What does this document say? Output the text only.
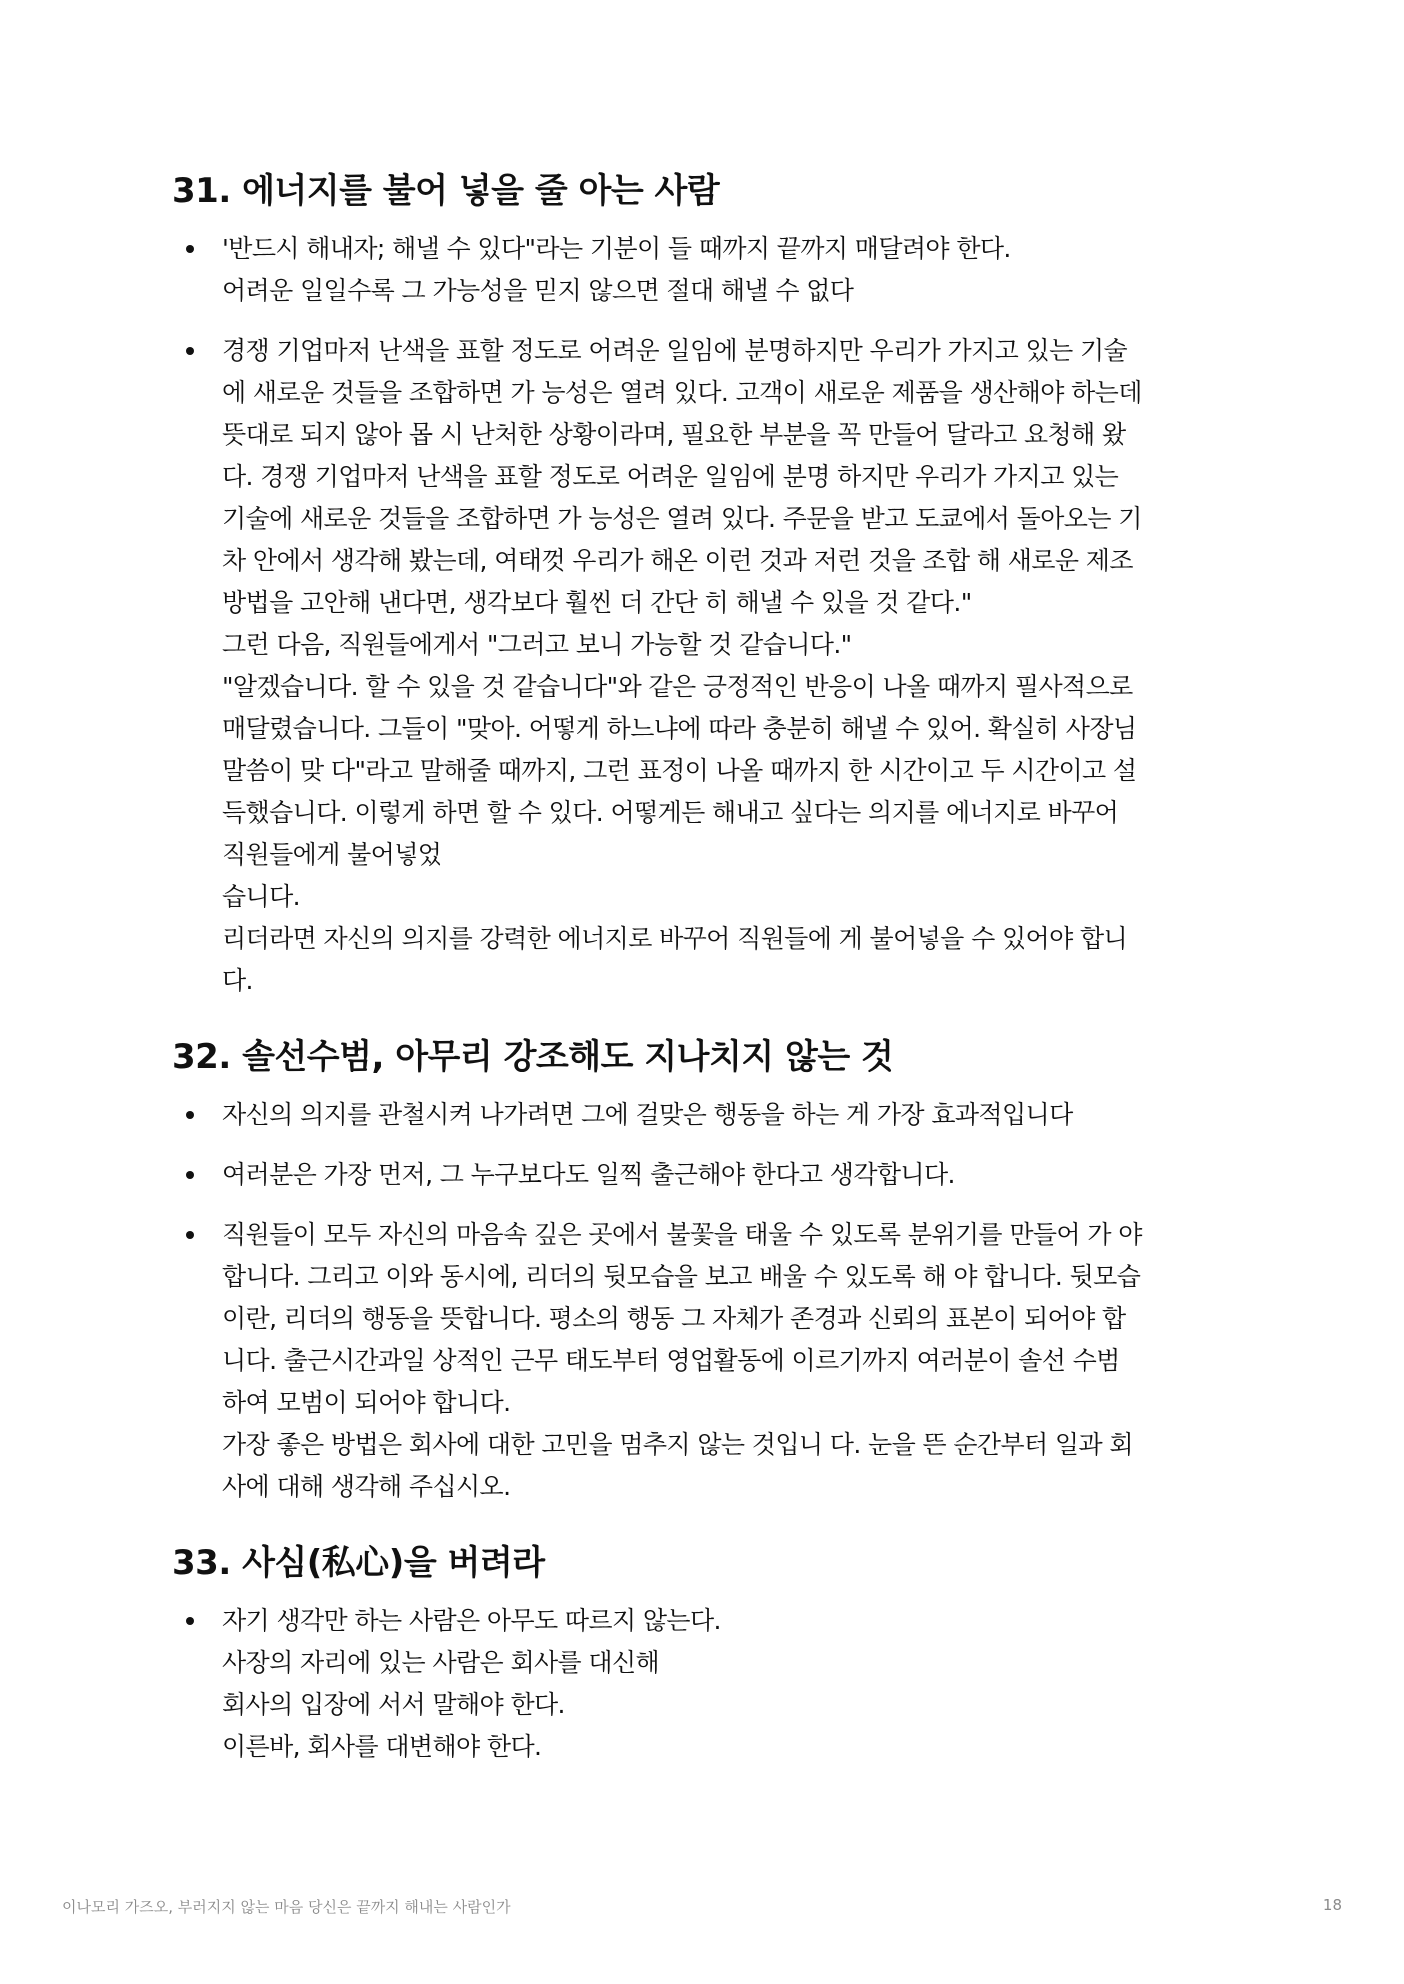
31. 에너지를 불어 넣을 줄 아는 사람
'반드시 해내자; 해낼 수 있다"라는 기분이 들 때까지 끝까지 매달려야 한다.
어려운 일일수록 그 가능성을 믿지 않으면 절대 해낼 수 없다
경쟁 기업마저 난색을 표할 정도로 어려운 일임에 분명하지만 우리가 가지고 있는 기술
에 새로운 것들을 조합하면 가 능성은 열려 있다. 고객이 새로운 제품을 생산해야 하는데
뜻대로 되지 않아 몹 시 난처한 상황이라며, 필요한 부분을 꼭 만들어 달라고 요청해 왔
다. 경쟁 기업마저 난색을 표할 정도로 어려운 일임에 분명 하지만 우리가 가지고 있는
기술에 새로운 것들을 조합하면 가 능성은 열려 있다. 주문을 받고 도쿄에서 돌아오는 기
차 안에서 생각해 봤는데, 여태껏 우리가 해온 이런 것과 저런 것을 조합 해 새로운 제조
방법을 고안해 낸다면, 생각보다 훨씬 더 간단 히 해낼 수 있을 것 같다."
그런 다음, 직원들에게서 "그러고 보니 가능할 것 같습니다."
"알겠습니다. 할 수 있을 것 같습니다"와 같은 긍정적인 반응이 나올 때까지 필사적으로
매달렸습니다. 그들이 "맞아. 어떻게 하느냐에 따라 충분히 해낼 수 있어. 확실히 사장님
말씀이 맞 다"라고 말해줄 때까지, 그런 표정이 나올 때까지 한 시간이고 두 시간이고 설
득했습니다. 이렇게 하면 할 수 있다. 어떻게든 해내고 싶다는 의지를 에너지로 바꾸어
직원들에게 불어넣었
습니다.
리더라면 자신의 의지를 강력한 에너지로 바꾸어 직원들에 게 불어넣을 수 있어야 합니
다.
32. 솔선수범, 아무리 강조해도 지나치지 않는 것
자신의 의지를 관철시켜 나가려면 그에 걸맞은 행동을 하는 게 가장 효과적입니다
여러분은 가장 먼저, 그 누구보다도 일찍 출근해야 한다고 생각합니다.
직원들이 모두 자신의 마음속 깊은 곳에서 불꽃을 태울 수 있도록 분위기를 만들어 가 야
합니다. 그리고 이와 동시에, 리더의 뒷모습을 보고 배울 수 있도록 해 야 합니다. 뒷모습
이란, 리더의 행동을 뜻합니다. 평소의 행동 그 자체가 존경과 신뢰의 표본이 되어야 합
니다. 출근시간과일 상적인 근무 태도부터 영업활동에 이르기까지 여러분이 솔선 수범
하여 모범이 되어야 합니다.
가장 좋은 방법은 회사에 대한 고민을 멈추지 않는 것입니 다. 눈을 뜬 순간부터 일과 회
사에 대해 생각해 주십시오.
33. 사심(私心)을 버려라
자기 생각만 하는 사람은 아무도 따르지 않는다.
사장의 자리에 있는 사람은 회사를 대신해
회사의 입장에 서서 말해야 한다.
이른바, 회사를 대변해야 한다.
이나모리 가즈오, 부러지지 않는 마음 당신은 끝까지 해내는 사람인가	18
